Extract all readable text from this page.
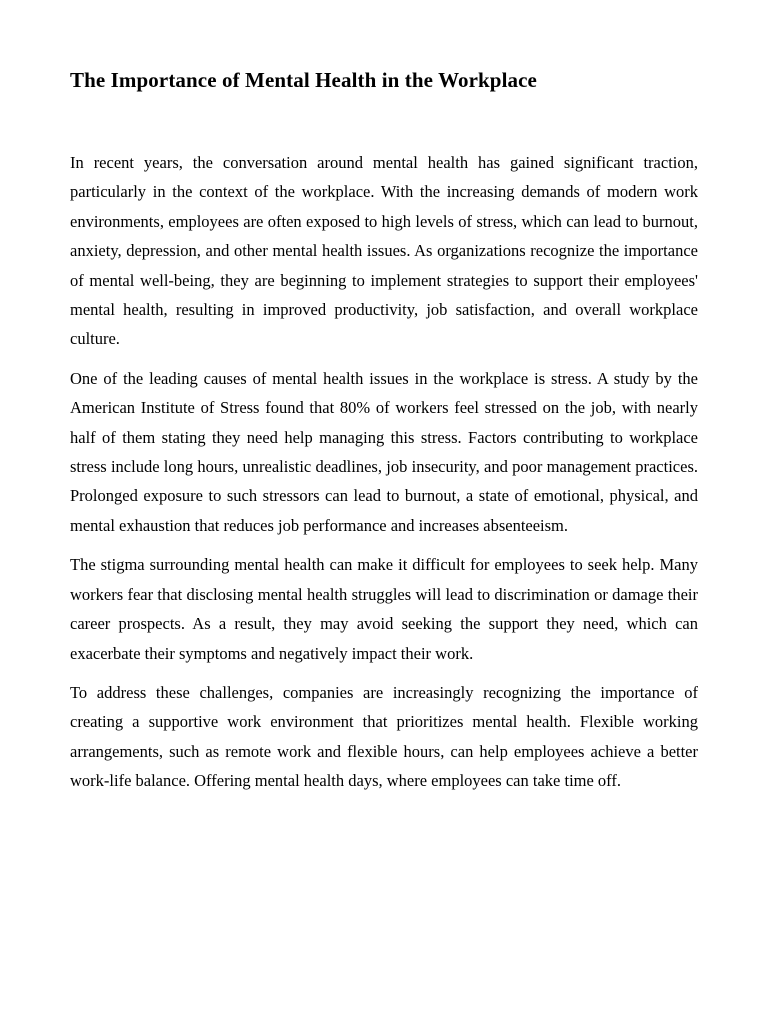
The Importance of Mental Health in the Workplace

In recent years, the conversation around mental health has gained significant traction, particularly in the context of the workplace. With the increasing demands of modern work environments, employees are often exposed to high levels of stress, which can lead to burnout, anxiety, depression, and other mental health issues. As organizations recognize the importance of mental well-being, they are beginning to implement strategies to support their employees' mental health, resulting in improved productivity, job satisfaction, and overall workplace culture.

One of the leading causes of mental health issues in the workplace is stress. A study by the American Institute of Stress found that 80% of workers feel stressed on the job, with nearly half of them stating they need help managing this stress. Factors contributing to workplace stress include long hours, unrealistic deadlines, job insecurity, and poor management practices. Prolonged exposure to such stressors can lead to burnout, a state of emotional, physical, and mental exhaustion that reduces job performance and increases absenteeism.

The stigma surrounding mental health can make it difficult for employees to seek help. Many workers fear that disclosing mental health struggles will lead to discrimination or damage their career prospects. As a result, they may avoid seeking the support they need, which can exacerbate their symptoms and negatively impact their work.

To address these challenges, companies are increasingly recognizing the importance of creating a supportive work environment that prioritizes mental health. Flexible working arrangements, such as remote work and flexible hours, can help employees achieve a better work-life balance. Offering mental health days, where employees can take time off.
